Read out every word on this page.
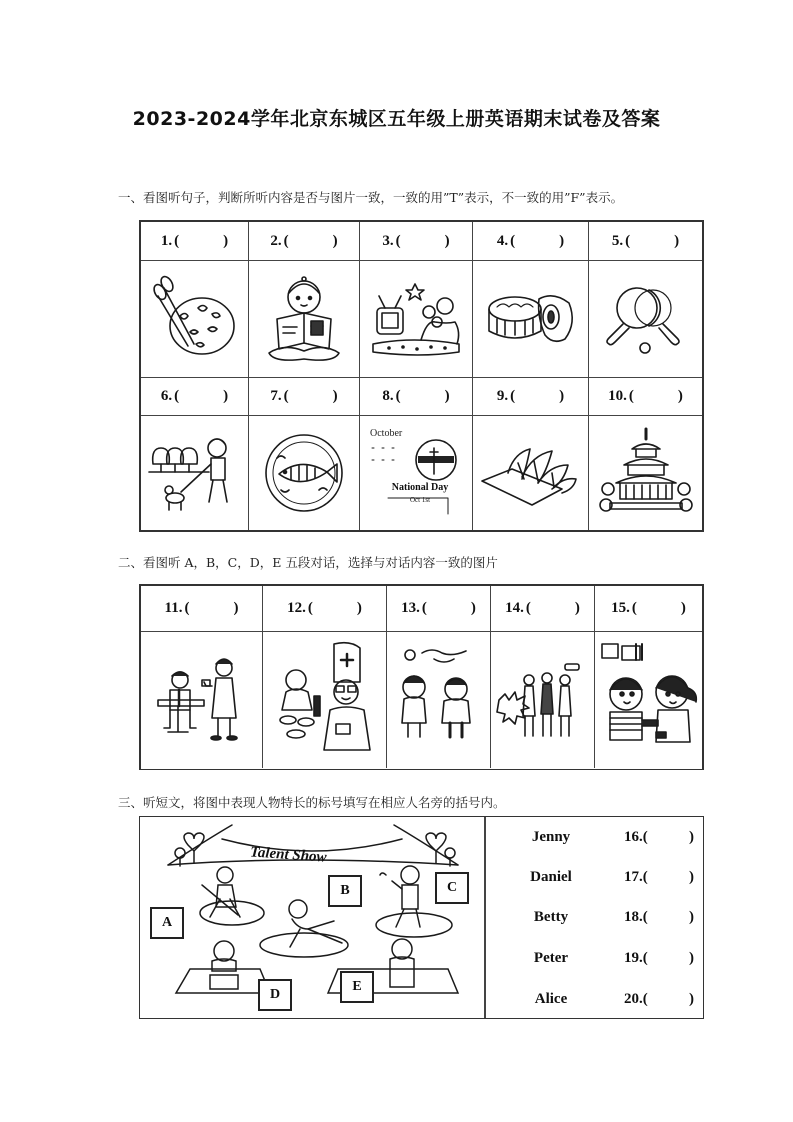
2023-2024学年北京东城区五年级上册英语期末试卷及答案
一、看图听句子，判断所听内容是否与图片一致，一致的用”T”表示，不一致的用”F”表示。
1. (	)	2. (	)	3. (	)	4. (	)	5. (	)
6. (	)	7. (	)	8. (	)	9. (	)	10. (	)
October
National Day
Oct 1st
二、看图听 A，B，C，D，E 五段对话，选择与对话内容一致的图片
11. (	)	12. (	)	13. (	) 14. (	) 15. (	)
三、听短文，将图中表现人物特长的标号填写在相应人名旁的括号内。
Talent Show
A
B	C
D
E
Jenny	16.(	)
Daniel	17.(	)
Betty	18.(	)
Peter	19.(	)
Alice	20.(	)
